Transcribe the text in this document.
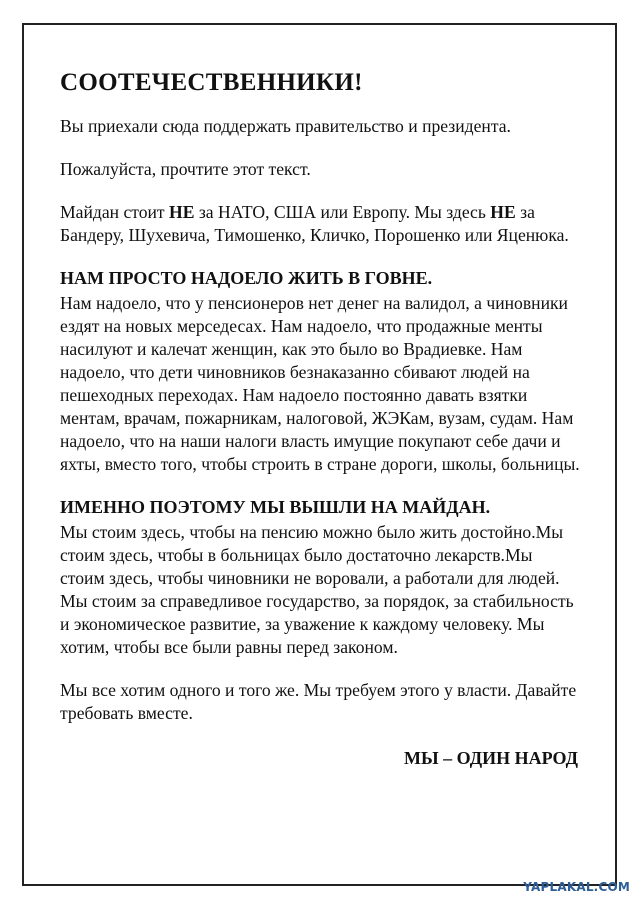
СООТЕЧЕСТВЕННИКИ!

Вы приехали сюда поддержать правительство и президента.

Пожалуйста, прочтите этот текст.

Майдан стоит НЕ за НАТО, США или Европу. Мы здесь НЕ за Бандеру, Шухевича, Тимошенко, Кличко, Порошенко или Яценюка.

НАМ ПРОСТО НАДОЕЛО ЖИТЬ В ГОВНЕ.
Нам надоело, что у пенсионеров нет денег на валидол, а чиновники ездят на новых мерседесах. Нам надоело, что продажные менты насилуют и калечат женщин, как это было во Врадиевке. Нам надоело, что дети чиновников безнаказанно сбивают людей на пешеходных переходах. Нам надоело постоянно давать взятки ментам, врачам, пожарникам, налоговой, ЖЭКам, вузам, судам. Нам надоело, что на наши налоги власть имущие покупают себе дачи и яхты, вместо того, чтобы строить в стране дороги, школы, больницы.

ИМЕННО ПОЭТОМУ МЫ ВЫШЛИ НА МАЙДАН.
Мы стоим здесь, чтобы на пенсию можно было жить достойно.Мы стоим здесь, чтобы в больницах было достаточно лекарств.Мы стоим здесь, чтобы чиновники не воровали, а работали для людей. Мы стоим за справедливое государство, за порядок, за стабильность и экономическое развитие, за уважение к каждому человеку. Мы хотим, чтобы все были равны перед законом.

Мы все хотим одного и того же. Мы требуем этого у власти. Давайте требовать вместе.

МЫ – ОДИН НАРОД
YAPLAKAL.COM
